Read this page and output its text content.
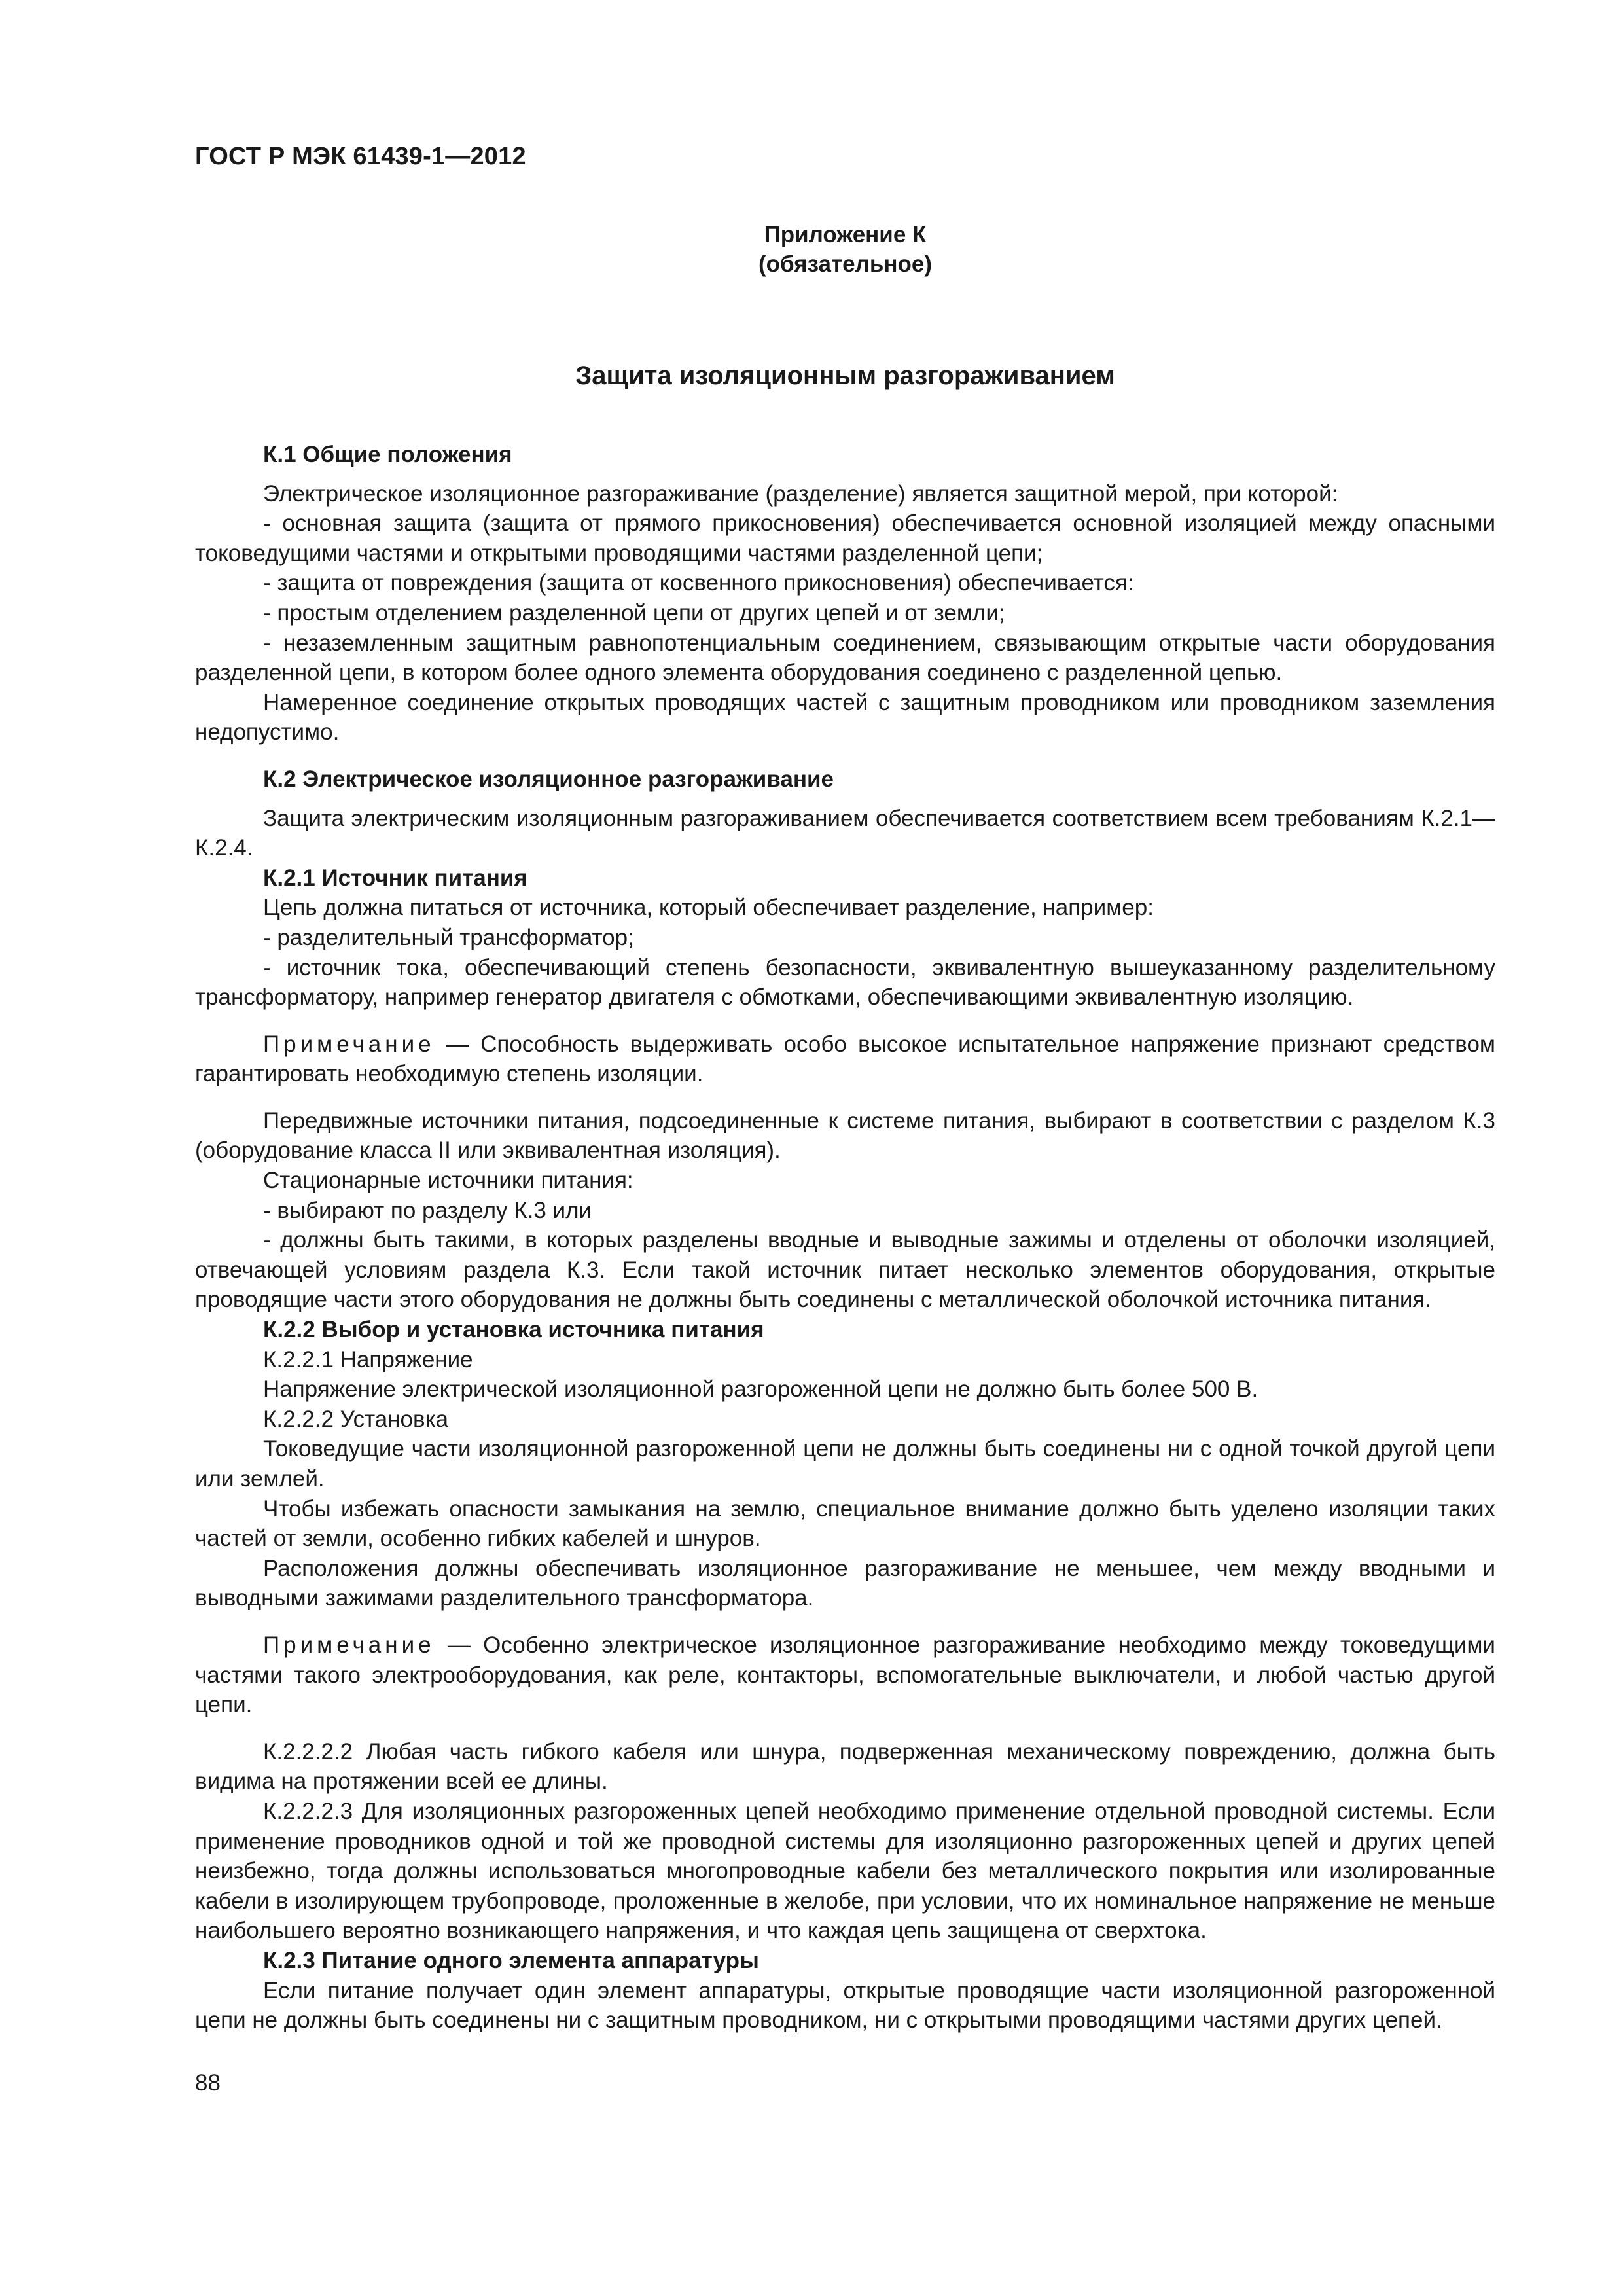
ГОСТ Р МЭК 61439-1—2012
Приложение К
(обязательное)
Защита изоляционным разгораживанием
К.1 Общие положения

Электрическое изоляционное разгораживание (разделение) является защитной мерой, при которой:

- основная защита (защита от прямого прикосновения) обеспечивается основной изоляцией между опасными токоведущими частями и открытыми проводящими частями разделенной цепи;

- защита от повреждения (защита от косвенного прикосновения) обеспечивается:

- простым отделением разделенной цепи от других цепей и от земли;

- незаземленным защитным равнопотенциальным соединением, связывающим открытые части оборудования разделенной цепи, в котором более одного элемента оборудования соединено с разделенной цепью.

Намеренное соединение открытых проводящих частей с защитным проводником или проводником заземления недопустимо.

К.2 Электрическое изоляционное разгораживание

Защита электрическим изоляционным разгораживанием обеспечивается соответствием всем требованиям К.2.1—К.2.4.

К.2.1 Источник питания

Цепь должна питаться от источника, который обеспечивает разделение, например:

- разделительный трансформатор;

- источник тока, обеспечивающий степень безопасности, эквивалентную вышеуказанному разделительному трансформатору, например генератор двигателя с обмотками, обеспечивающими эквивалентную изоляцию.

Примечание — Способность выдерживать особо высокое испытательное напряжение признают средством гарантировать необходимую степень изоляции.

Передвижные источники питания, подсоединенные к системе питания, выбирают в соответствии с разделом К.3 (оборудование класса II или эквивалентная изоляция).

Стационарные источники питания:

- выбирают по разделу К.3 или

- должны быть такими, в которых разделены вводные и выводные зажимы и отделены от оболочки изоляцией, отвечающей условиям раздела К.3. Если такой источник питает несколько элементов оборудования, открытые проводящие части этого оборудования не должны быть соединены с металлической оболочкой источника питания.

К.2.2 Выбор и установка источника питания

К.2.2.1 Напряжение

Напряжение электрической изоляционной разгороженной цепи не должно быть более 500 В.

К.2.2.2 Установка

Токоведущие части изоляционной разгороженной цепи не должны быть соединены ни с одной точкой другой цепи или землей.

Чтобы избежать опасности замыкания на землю, специальное внимание должно быть уделено изоляции таких частей от земли, особенно гибких кабелей и шнуров.

Расположения должны обеспечивать изоляционное разгораживание не меньшее, чем между вводными и выводными зажимами разделительного трансформатора.

Примечание — Особенно электрическое изоляционное разгораживание необходимо между токоведущими частями такого электрооборудования, как реле, контакторы, вспомогательные выключатели, и любой частью другой цепи.

К.2.2.2.2 Любая часть гибкого кабеля или шнура, подверженная механическому повреждению, должна быть видима на протяжении всей ее длины.

К.2.2.2.3 Для изоляционных разгороженных цепей необходимо применение отдельной проводной системы. Если применение проводников одной и той же проводной системы для изоляционно разгороженных цепей и других цепей неизбежно, тогда должны использоваться многопроводные кабели без металлического покрытия или изолированные кабели в изолирующем трубопроводе, проложенные в желобе, при условии, что их номинальное напряжение не меньше наибольшего вероятно возникающего напряжения, и что каждая цепь защищена от сверхтока.

К.2.3 Питание одного элемента аппаратуры

Если питание получает один элемент аппаратуры, открытые проводящие части изоляционной разгороженной цепи не должны быть соединены ни с защитным проводником, ни с открытыми проводящими частями других цепей.

88
